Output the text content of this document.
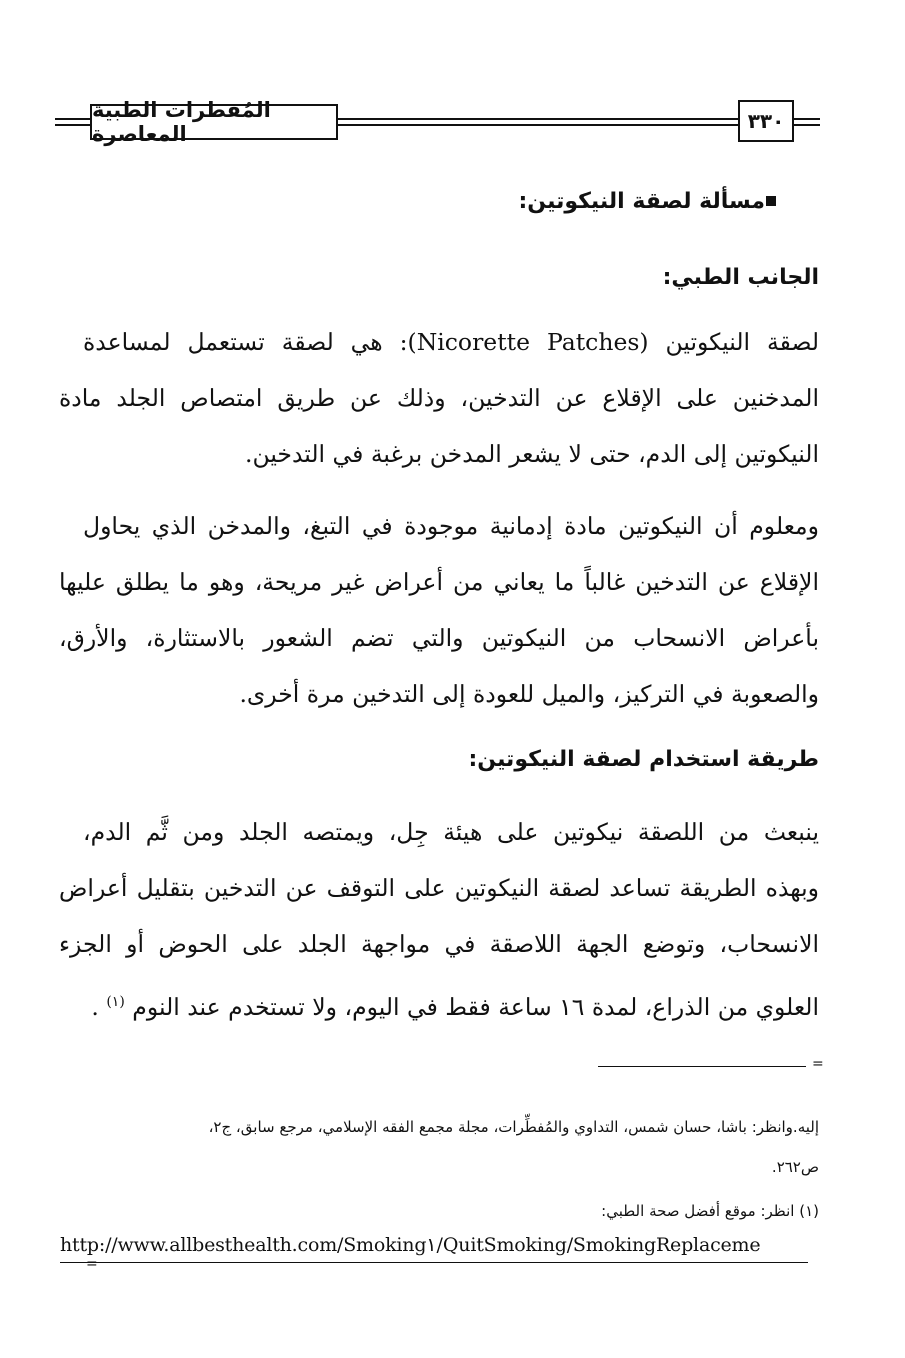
المُفطرات الطبية المعاصرة
٣٣٠
مسألة لصقة النيكوتين:
الجانب الطبي:
لصقة النيكوتين (Nicorette Patches): هي لصقة تستعمل لمساعدة
المدخنين على الإقلاع عن التدخين، وذلك عن طريق امتصاص الجلد مادة
النيكوتين إلى الدم، حتى لا يشعر المدخن برغبة في التدخين.
ومعلوم أن النيكوتين مادة إدمانية موجودة في التبغ، والمدخن الذي يحاول
الإقلاع عن التدخين غالباً ما يعاني من أعراض غير مريحة، وهو ما يطلق عليها
بأعراض الانسحاب من النيكوتين والتي تضم الشعور بالاستثارة، والأرق،
والصعوبة في التركيز، والميل للعودة إلى التدخين مرة أخرى.
طريقة استخدام لصقة النيكوتين:
ينبعث من اللصقة نيكوتين على هيئة جِل، ويمتصه الجلد ومن ثَّم الدم،
وبهذه الطريقة تساعد لصقة النيكوتين على التوقف عن التدخين بتقليل أعراض
الانسحاب، وتوضع الجهة اللاصقة في مواجهة الجلد على الحوض أو الجزء
العلوي من الذراع، لمدة ١٦ ساعة فقط في اليوم، ولا تستخدم عند النوم $^{(١)}$ .
=
إليه.وانظر: باشا، حسان شمس، التداوي والمُفطِّرات، مجلة مجمع الفقه الإسلامي، مرجع سابق، ج٢،
ص٢٦٢.
(١) انظر: موقع أفضل صحة الطبي:
http://www.allbesthealth.com/Smoking١/QuitSmoking/SmokingReplaceme
=
